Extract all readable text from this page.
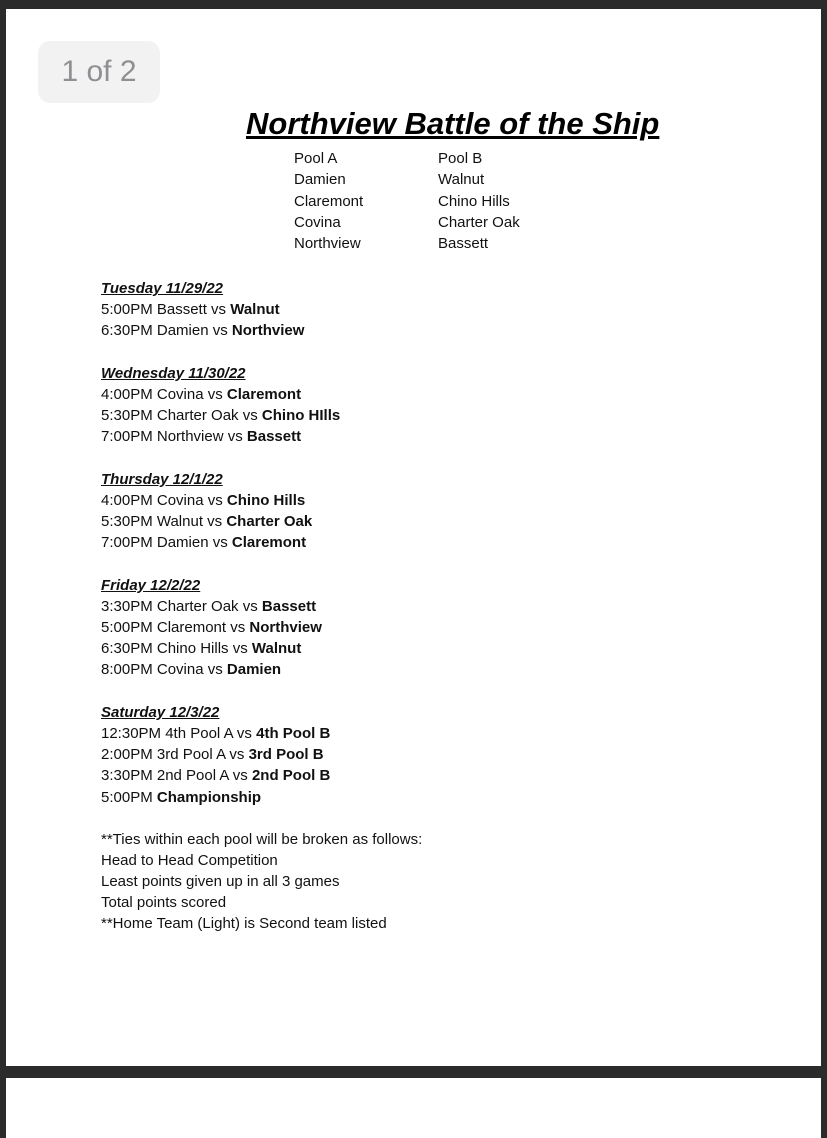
1 of 2
Northview Battle of the Ship
Pool A
Damien
Claremont
Covina
Northview
Pool B
Walnut
Chino Hills
Charter Oak
Bassett
Tuesday 11/29/22
5:00PM Bassett vs Walnut
6:30PM Damien vs Northview
Wednesday 11/30/22
4:00PM Covina vs Claremont
5:30PM Charter Oak vs Chino HIlls
7:00PM Northview vs Bassett
Thursday 12/1/22
4:00PM Covina vs Chino Hills
5:30PM Walnut vs Charter Oak
7:00PM Damien vs Claremont
Friday 12/2/22
3:30PM Charter Oak vs Bassett
5:00PM Claremont vs Northview
6:30PM Chino Hills vs Walnut
8:00PM Covina vs Damien
Saturday 12/3/22
12:30PM 4th Pool A vs 4th Pool B
2:00PM 3rd Pool A vs 3rd Pool B
3:30PM 2nd Pool A vs 2nd Pool B
5:00PM Championship
**Ties within each pool will be broken as follows:
Head to Head Competition
Least points given up in all 3 games
Total points scored
**Home Team (Light) is Second team listed
